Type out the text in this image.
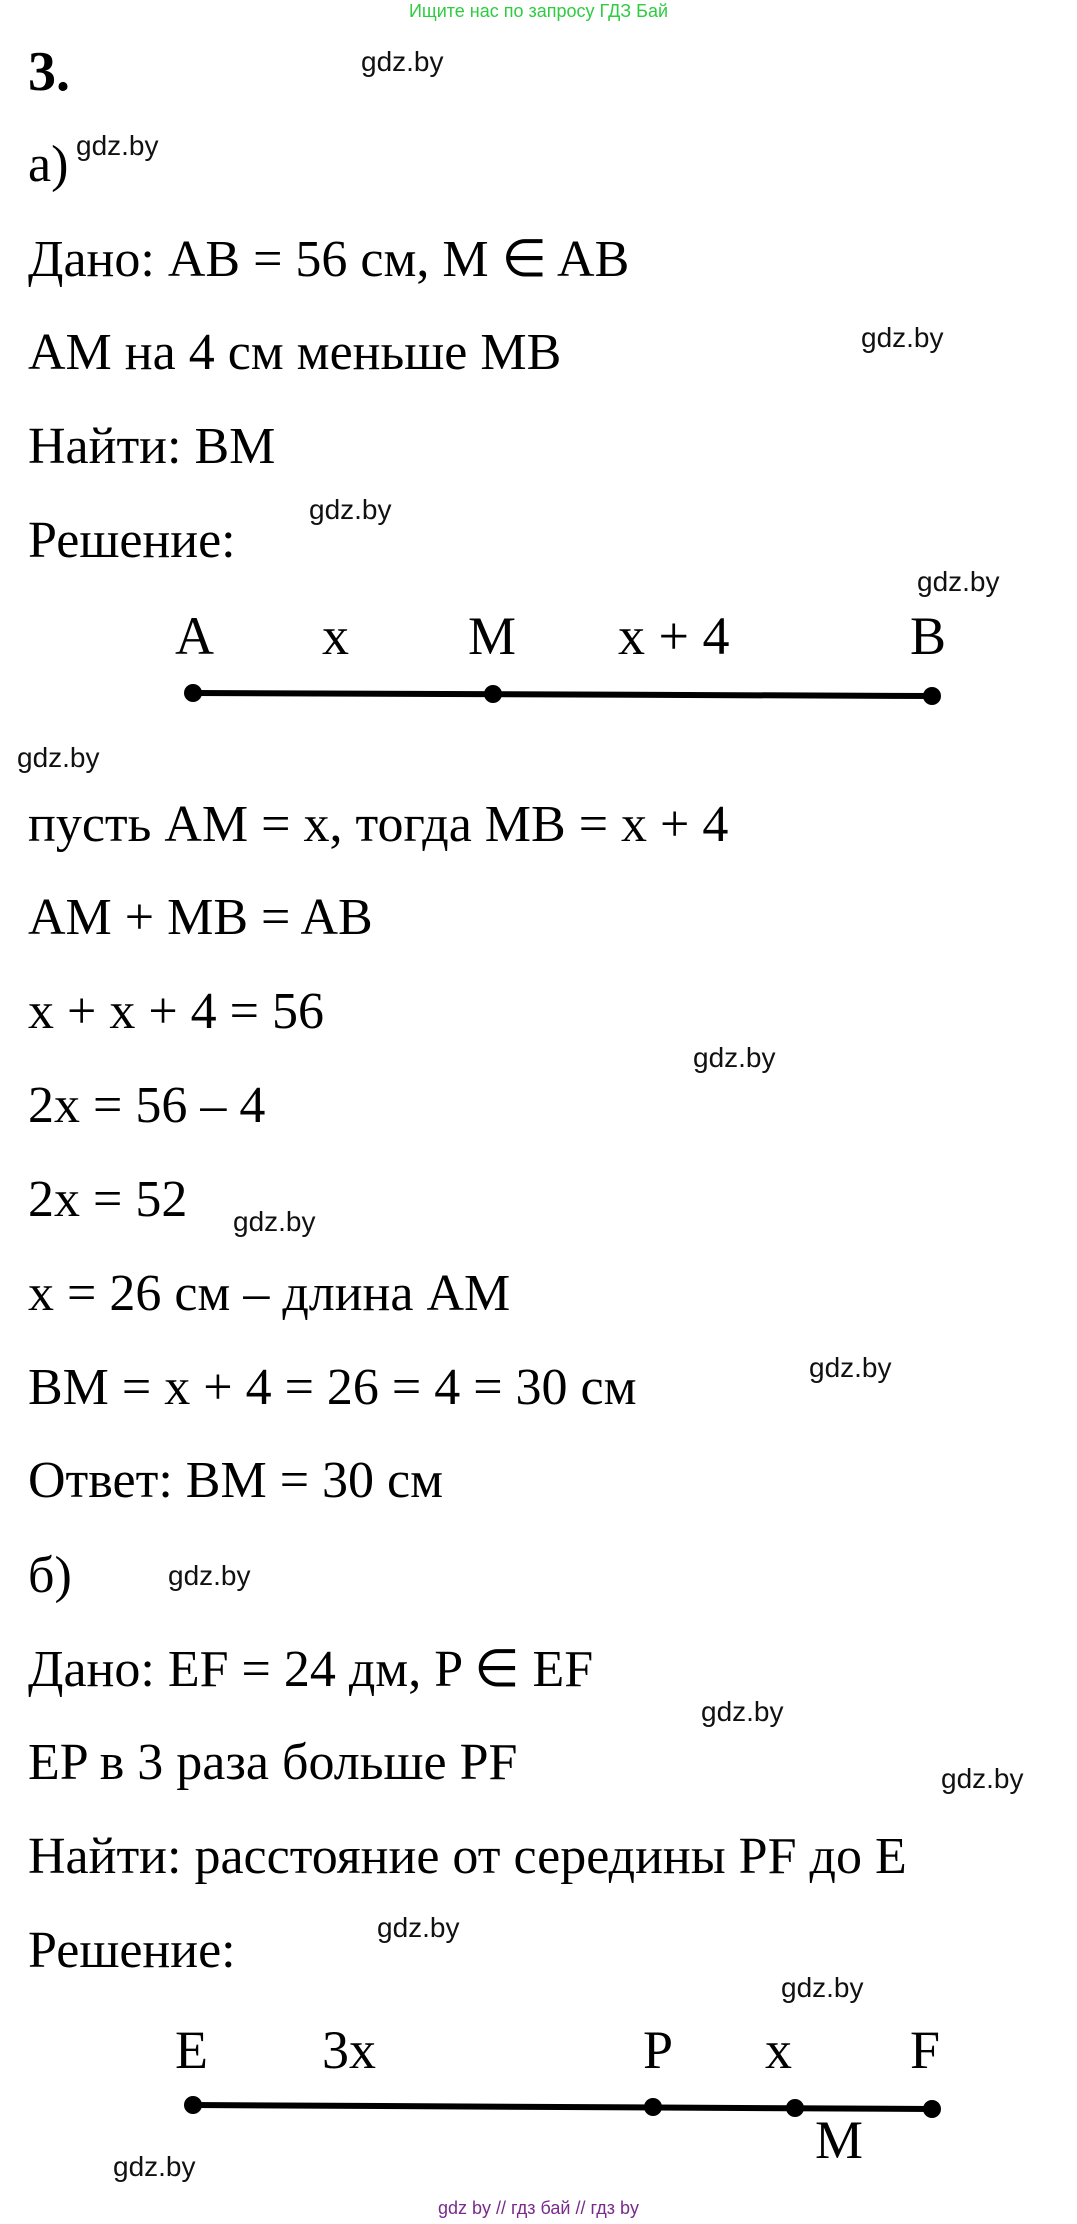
Ищите нас по запросу ГДЗ Бай
3.
а)
Дано: AB = 56 см, M ∈ AB
AM на 4 см меньше MB
Найти: BM
Решение:
A x M x + 4	B
пусть AM = x, тогда MB = x + 4
AM + MB = AB
x + x + 4 = 56
2x = 56 – 4
2x = 52
x = 26 см – длина AM
BM = x + 4 = 26 = 4 = 30 см
Ответ: BM = 30 см
б)
Дано: EF = 24 дм, P ∈ EF
EP в 3 раза больше PF
Найти: расстояние от середины PF до E
Решение:
E 3x	P x F
M
gdz.by
gdz.by
gdz.by
gdz.by
gdz.by
gdz.by
gdz.by
gdz.by
gdz.by
gdz.by
gdz.by
gdz.by
gdz.by
gdz.by
gdz.by
gdz by // гдз бай // гдз by
